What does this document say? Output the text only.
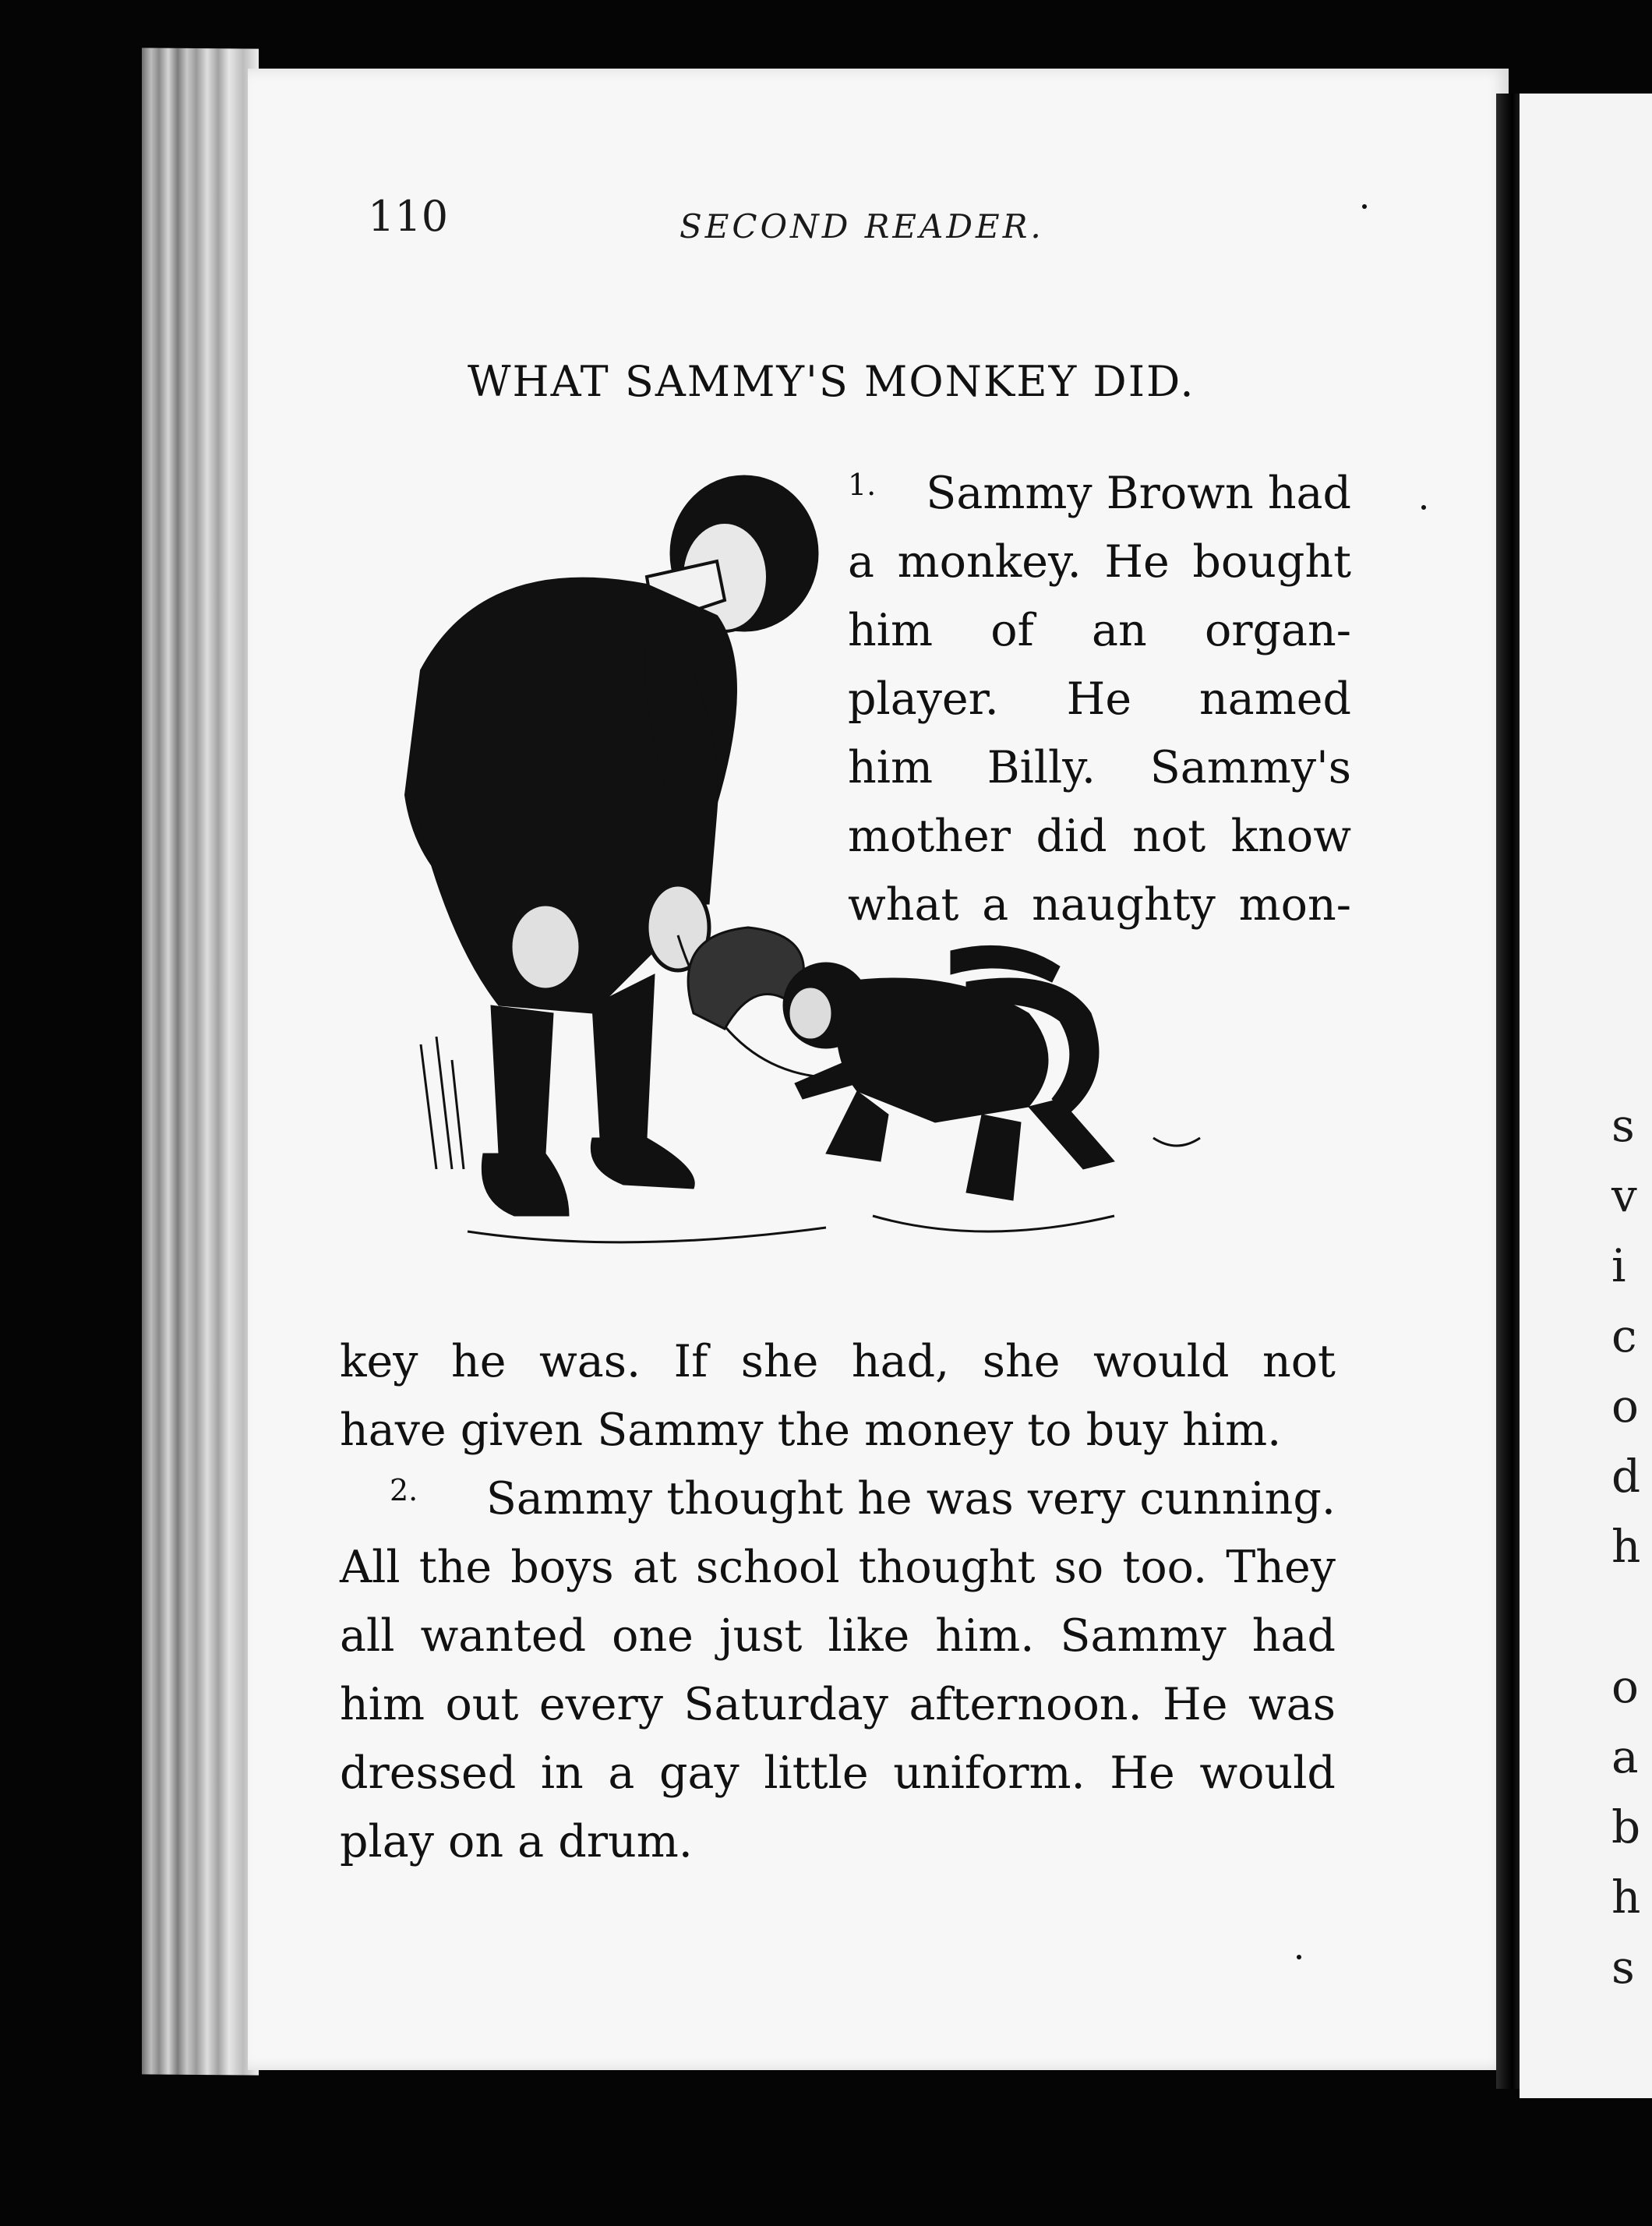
s
v
i
c
o
d
h
o
a
b
h
s
110	SECOND READER.
WHAT SAMMY'S MONKEY DID.
1. Sammy Brown had
a monkey. He bought
him of an organ-
player. He named
him Billy. Sammy's
mother did not know
what a naughty mon-
key he was. If she had, she would not
have given Sammy the money to buy him.
2. Sammy thought he was very cunning.
All the boys at school thought so too. They
all wanted one just like him. Sammy had
him out every Saturday afternoon. He was
dressed in a gay little uniform. He would
play on a drum.
